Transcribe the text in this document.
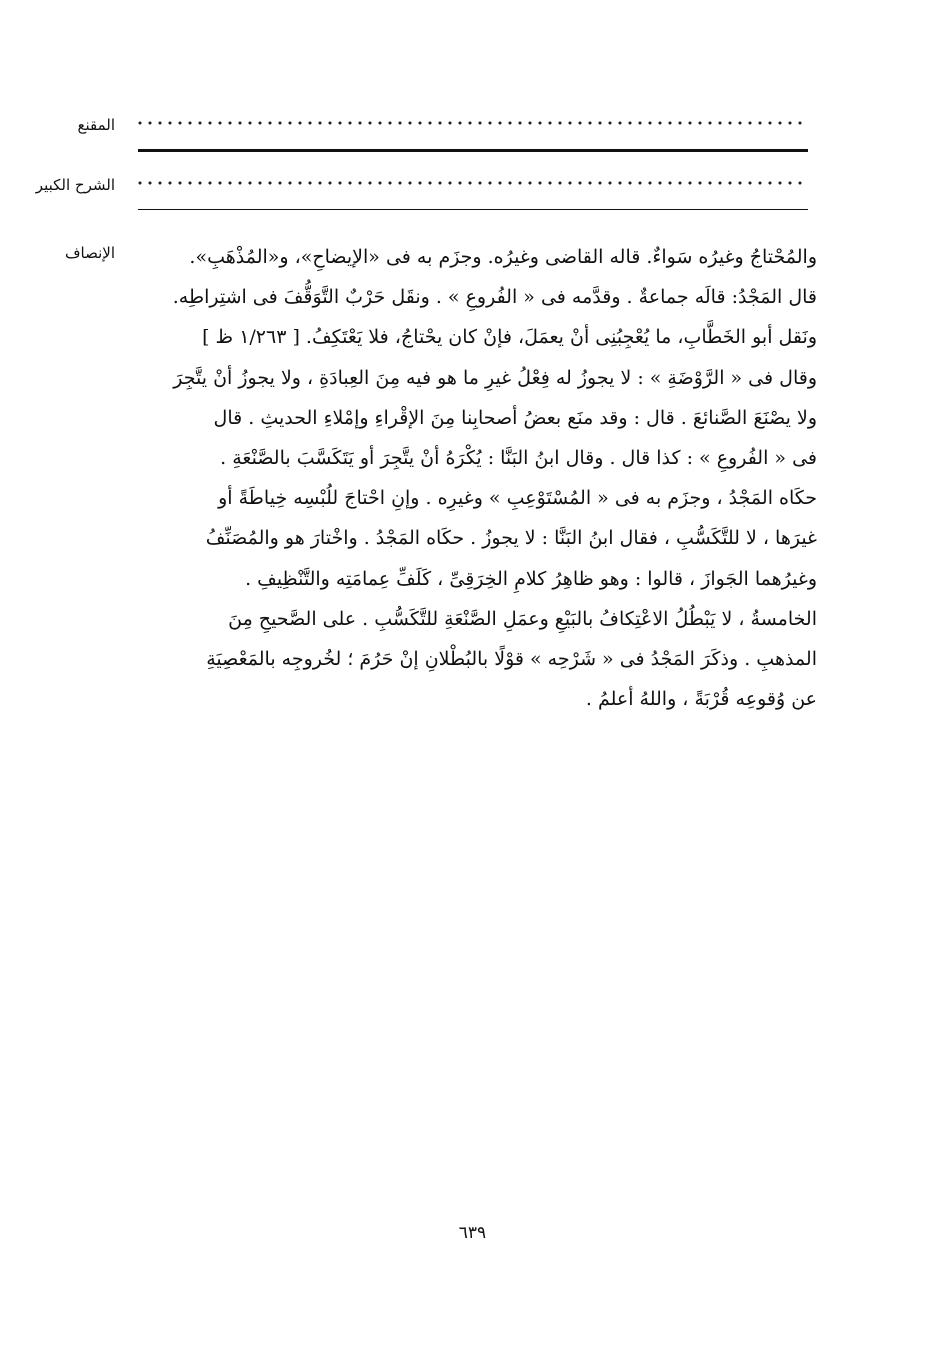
المقنع
الشرح الكبير
الإنصاف	والمُحْتاجُ وغيرُه سَواءٌ. قاله القاضى وغيرُه. وجزَم به فى «الإيضاحِ»، و«المُذْهَبِ».

قال المَجْدُ: قالَه جماعةٌ . وقدَّمه فى « الفُروعِ » . ونقَل حَرْبٌ التَّوَقُّفَ فى اشتِراطِه.

ونَقل أبو الخَطَّابِ، ما يُعْجِبُنِى أنْ يعمَلَ، فإنْ كان يحْتاجُ، فلا يَعْتَكِفُ. [ ١/٢٦٣ ظ ]

وقال فى « الرَّوْضَةِ » : لا يجوزُ له فِعْلُ غيرِ ما هو فيه مِنَ العِبادَةِ ، ولا يجوزُ أنْ يتَّجِرَ

ولا يصْنَعَ الصَّنائعَ . قال : وقد منَع بعضُ أصحابِنا مِنَ الإقْراءِ وإمْلاءِ الحديثِ . قال

فى « الفُروعِ » : كذا قال . وقال ابنُ البَنَّا : يُكْرَهُ أنْ يتَّجِرَ أو يَتَكَسَّبَ بالصَّنْعَةِ .

حكَاه المَجْدُ ، وجزَم به فى « المُسْتَوْعِبِ » وغيرِه . وإنِ احْتاجَ للُبْسِه خِياطَةً أو

غيرَها ، لا للتَّكَسُّبِ ، فقال ابنُ البَنَّا : لا يجوزُ . حكَاه المَجْدُ . واخْتارَ هو والمُصَنِّفُ

وغيرُهما الجَوازَ ، قالوا : وهو ظاهِرُ كلامِ الخِرَقِىِّ ، كَلَفِّ عِمامَتِه والتَّنْظِيفِ .

الخامسةُ ، لا يَبْطُلُ الاعْتِكافُ بالبَيْعِ وعمَلِ الصَّنْعَةِ للتَّكَسُّبِ . على الصَّحيحِ مِنَ

المذهبِ . وذكَرَ المَجْدُ فى « شَرْحِه » قوْلًا بالبُطْلانِ إنْ حَرُمَ ؛ لخُروجِه بالمَعْصِيَةِ

عن وُقوعِه قُرْبَةً ، واللهُ أعلمُ .

٦٣٩
